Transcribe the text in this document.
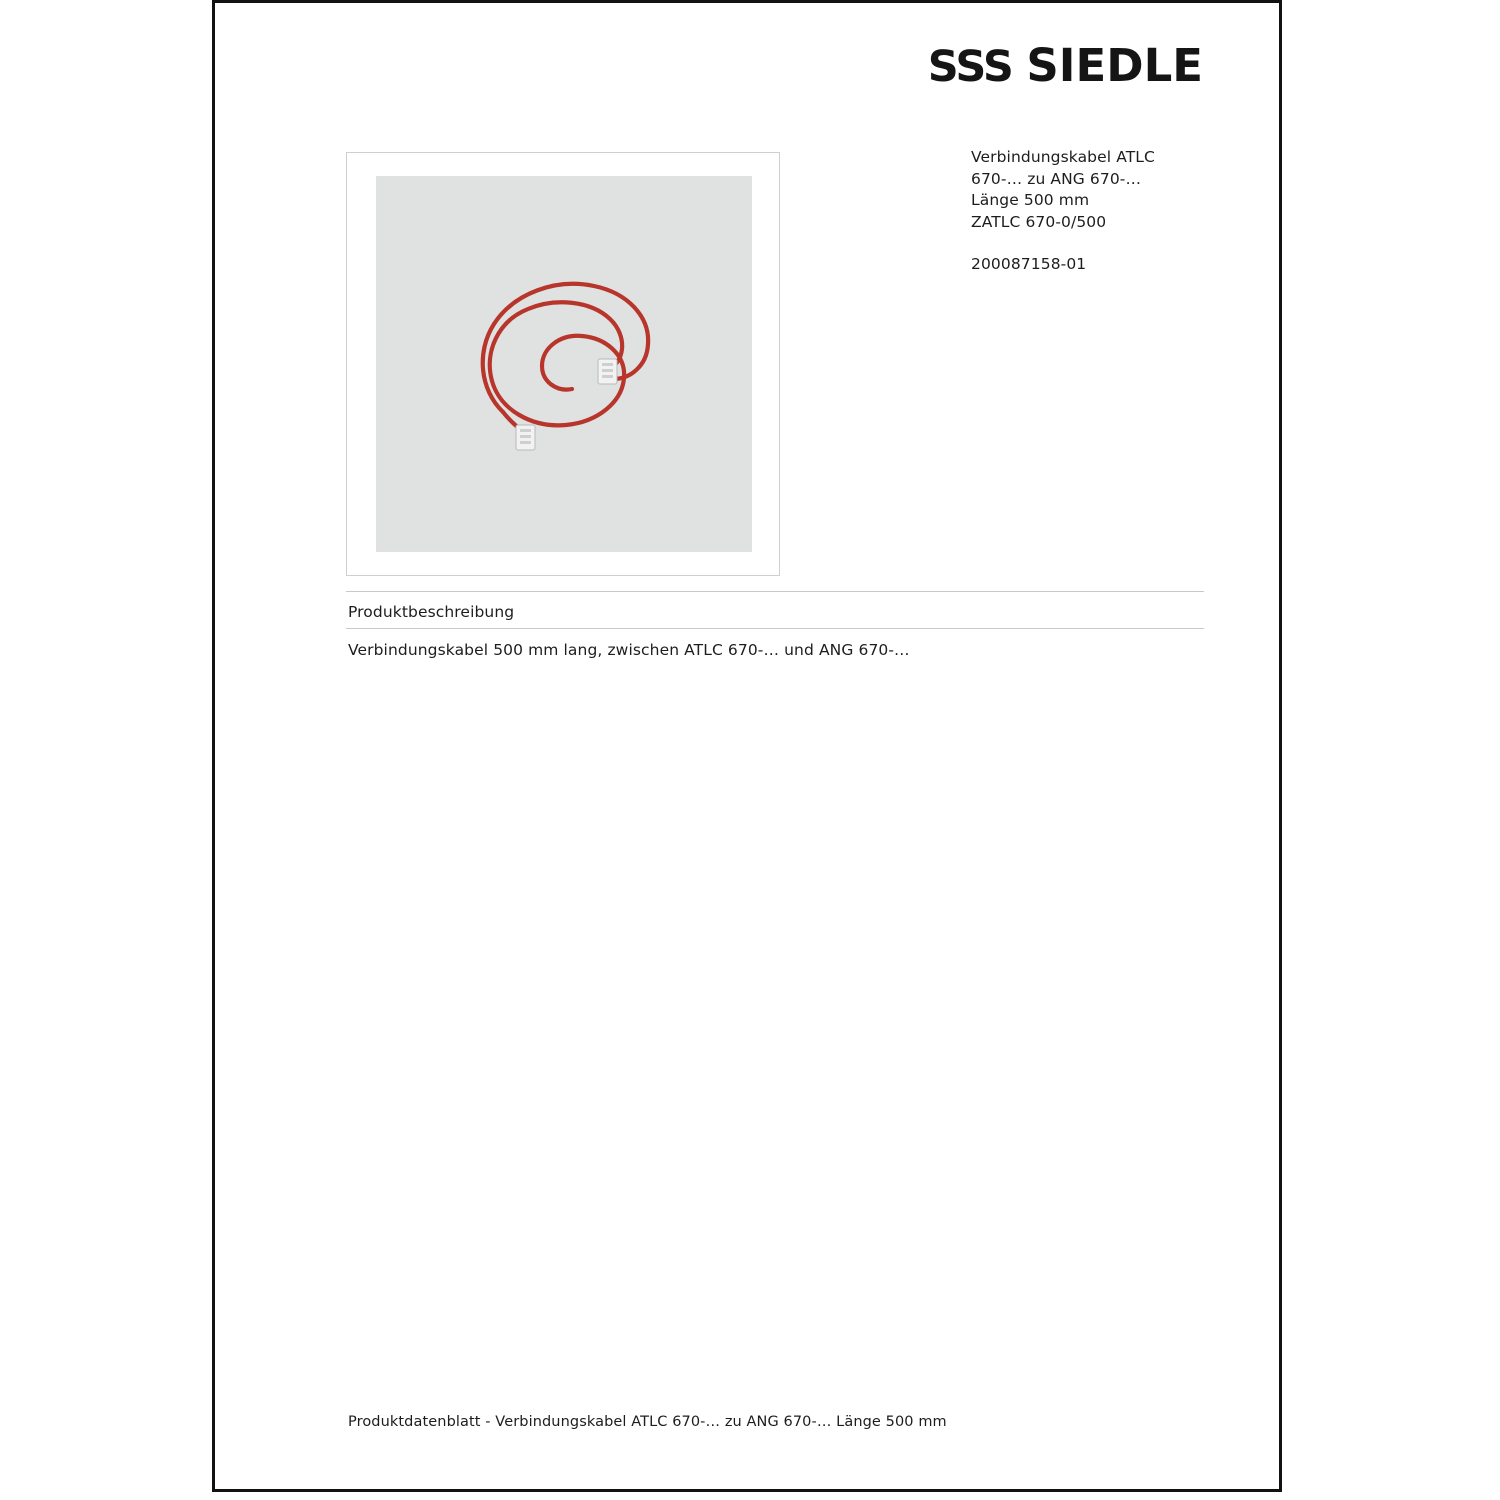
SSS SIEDLE
Verbindungskabel ATLC
670-… zu ANG 670-…
Länge 500 mm
ZATLC 670-0/500
200087158-01
Produktbeschreibung
Verbindungskabel 500 mm lang, zwischen ATLC 670-… und ANG 670-…
Produktdatenblatt - Verbindungskabel ATLC 670-… zu ANG 670-… Länge 500 mm
